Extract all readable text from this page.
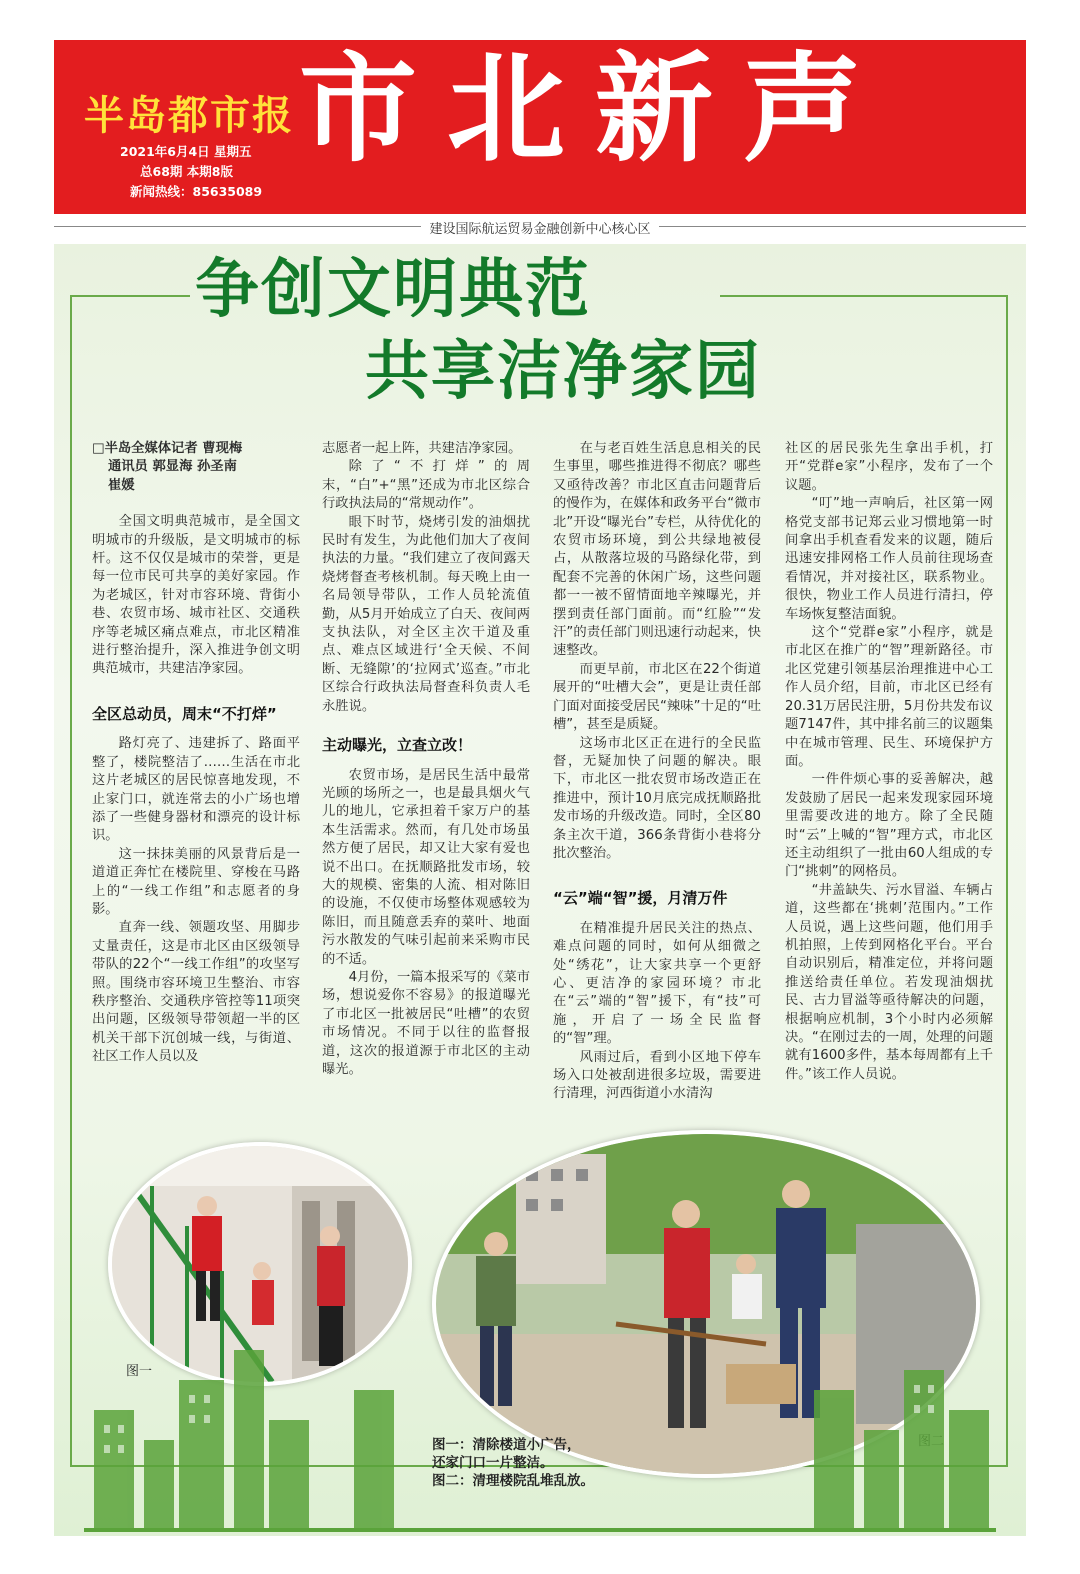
半岛都市报
2021年6月4日 星期五
总68期 本期8版
新闻热线：85635089
市北新声
建设国际航运贸易金融创新中心核心区
争创文明典范
共享洁净家园

□半岛全媒体记者 曹现梅

通讯员 郭显海 孙圣南

崔媛

全国文明典范城市，是全国文明城市的升级版，是文明城市的标杆。这不仅仅是城市的荣誉，更是每一位市民可共享的美好家园。作为老城区，针对市容环境、背街小巷、农贸市场、城市社区、交通秩序等老城区痛点难点，市北区精准进行整治提升，深入推进争创文明典范城市，共建洁净家园。

全区总动员，周末“不打烊”

路灯亮了、违建拆了、路面平整了，楼院整洁了……生活在市北这片老城区的居民惊喜地发现，不止家门口，就连常去的小广场也增添了一些健身器材和漂亮的设计标识。

这一抹抹美丽的风景背后是一道道正奔忙在楼院里、穿梭在马路上的“一线工作组”和志愿者的身影。

直奔一线、领题攻坚、用脚步丈量责任，这是市北区由区级领导带队的22个“一线工作组”的攻坚写照。围绕市容环境卫生整治、市容秩序整治、交通秩序管控等11项突出问题，区级领导带领超一半的区机关干部下沉创城一线，与街道、社区工作人员以及

志愿者一起上阵，共建洁净家园。

除了“不打烊”的周末，“白”+“黑”还成为市北区综合行政执法局的“常规动作”。

眼下时节，烧烤引发的油烟扰民时有发生，为此他们加大了夜间执法的力量。“我们建立了夜间露天烧烤督查考核机制。每天晚上由一名局领导带队，工作人员轮流值勤，从5月开始成立了白天、夜间两支执法队，对全区主次干道及重点、难点区域进行‘全天候、不间断、无缝隙’的‘拉网式’巡查。”市北区综合行政执法局督查科负责人毛永胜说。

主动曝光，立查立改！

农贸市场，是居民生活中最常光顾的场所之一，也是最具烟火气儿的地儿，它承担着千家万户的基本生活需求。然而，有几处市场虽然方便了居民，却又让大家有爱也说不出口。在抚顺路批发市场，较大的规模、密集的人流、相对陈旧的设施，不仅使市场整体观感较为陈旧，而且随意丢弃的菜叶、地面污水散发的气味引起前来采购市民的不适。

4月份，一篇本报采写的《菜市场，想说爱你不容易》的报道曝光了市北区一批被居民“吐槽”的农贸市场情况。不同于以往的监督报道，这次的报道源于市北区的主动曝光。

在与老百姓生活息息相关的民生事里，哪些推进得不彻底？哪些又亟待改善？市北区直击问题背后的慢作为，在媒体和政务平台“微市北”开设“曝光台”专栏，从待优化的农贸市场环境，到公共绿地被侵占，从散落垃圾的马路绿化带，到配套不完善的休闲广场，这些问题都一一被不留情面地辛辣曝光，并摆到责任部门面前。而“红脸”“发汗”的责任部门则迅速行动起来，快速整改。

而更早前，市北区在22个街道展开的“吐槽大会”，更是让责任部门面对面接受居民“辣味”十足的“吐槽”，甚至是质疑。

这场市北区正在进行的全民监督，无疑加快了问题的解决。眼下，市北区一批农贸市场改造正在推进中，预计10月底完成抚顺路批发市场的升级改造。同时，全区80条主次干道，366条背街小巷将分批次整治。

“云”端“智”援，月清万件

在精准提升居民关注的热点、难点问题的同时，如何从细微之处“绣花”，让大家共享一个更舒心、更洁净的家园环境？市北在“云”端的“智”援下，有“技”可施，开启了一场全民监督的“智”理。

风雨过后，看到小区地下停车场入口处被刮进很多垃圾，需要进行清理，河西街道小水清沟

社区的居民张先生拿出手机，打开“党群e家”小程序，发布了一个议题。

“叮”地一声响后，社区第一网格党支部书记郑云业习惯地第一时间拿出手机查看发来的议题，随后迅速安排网格工作人员前往现场查看情况，并对接社区，联系物业。很快，物业工作人员进行清扫，停车场恢复整洁面貌。

这个“党群e家”小程序，就是市北区在推广的“智”理新路径。市北区党建引领基层治理推进中心工作人员介绍，目前，市北区已经有20.31万居民注册，5月份共发布议题7147件，其中排名前三的议题集中在城市管理、民生、环境保护方面。

一件件烦心事的妥善解决，越发鼓励了居民一起来发现家园环境里需要改进的地方。除了全民随时“云”上喊的“智”理方式，市北区还主动组织了一批由60人组成的专门“挑刺”的网格员。

“井盖缺失、污水冒溢、车辆占道，这些都在‘挑刺’范围内。”工作人员说，遇上这些问题，他们用手机拍照，上传到网格化平台。平台自动识别后，精准定位，并将问题推送给责任单位。若发现油烟扰民、古力冒溢等亟待解决的问题，根据响应机制，3个小时内必须解决。“在刚过去的一周，处理的问题就有1600多件，基本每周都有上千件。”该工作人员说。

图一
图一：清除楼道小广告，
还家门口一片整洁。
图二：清理楼院乱堆乱放。
